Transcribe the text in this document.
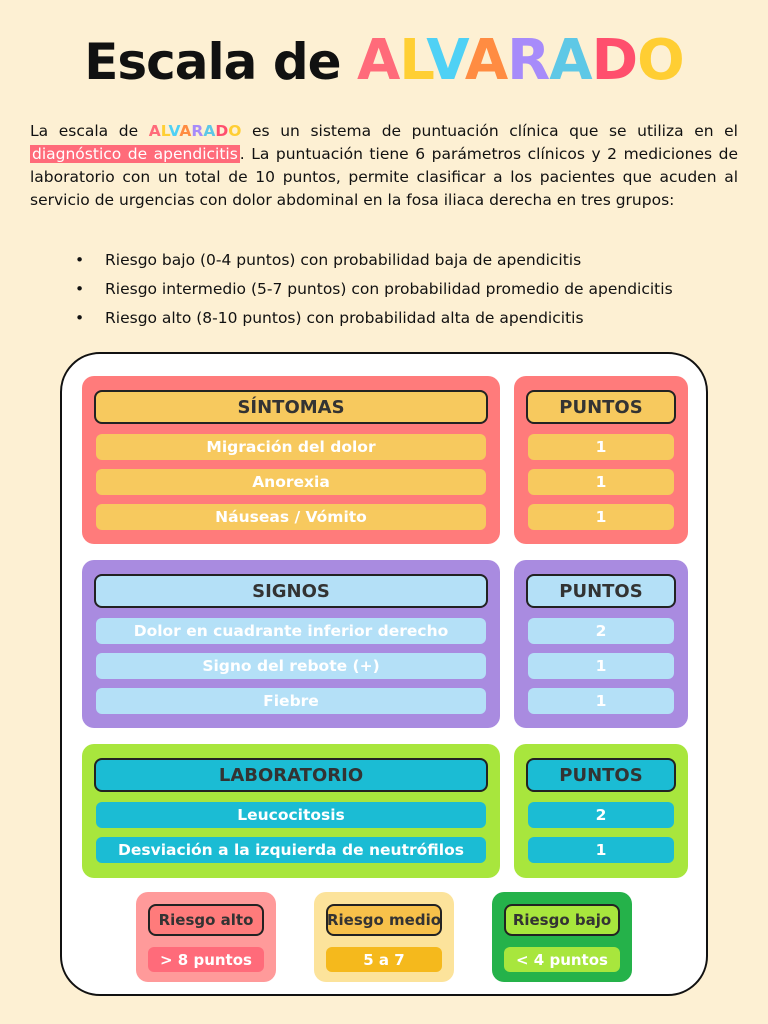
Escala de ALVARADO

La escala de ALVARADO es un sistema de puntuación clínica que se utiliza en el diagnóstico de apendicitis . La puntuación tiene 6 parámetros clínicos y 2 mediciones de laboratorio con un total de 10 puntos, permite clasificar a los pacientes que acuden al servicio de urgencias con dolor abdominal en la fosa iliaca derecha en tres grupos:

• Riesgo bajo (0-4 puntos) con probabilidad baja de apendicitis
• Riesgo intermedio (5-7 puntos) con probabilidad promedio de apendicitis
• Riesgo alto (8-10 puntos) con probabilidad alta de apendicitis
SÍNTOMAS
Migración del dolor
Anorexia
Náuseas / Vómito
PUNTOS
1
1
1
SIGNOS
Dolor en cuadrante inferior derecho
Signo del rebote (+)
Fiebre
PUNTOS
2
1
1
LABORATORIO
Leucocitosis
Desviación a la izquierda de neutrófilos
PUNTOS
2
1
Riesgo alto
> 8 puntos
Riesgo medio
5 a 7
Riesgo bajo
< 4 puntos
